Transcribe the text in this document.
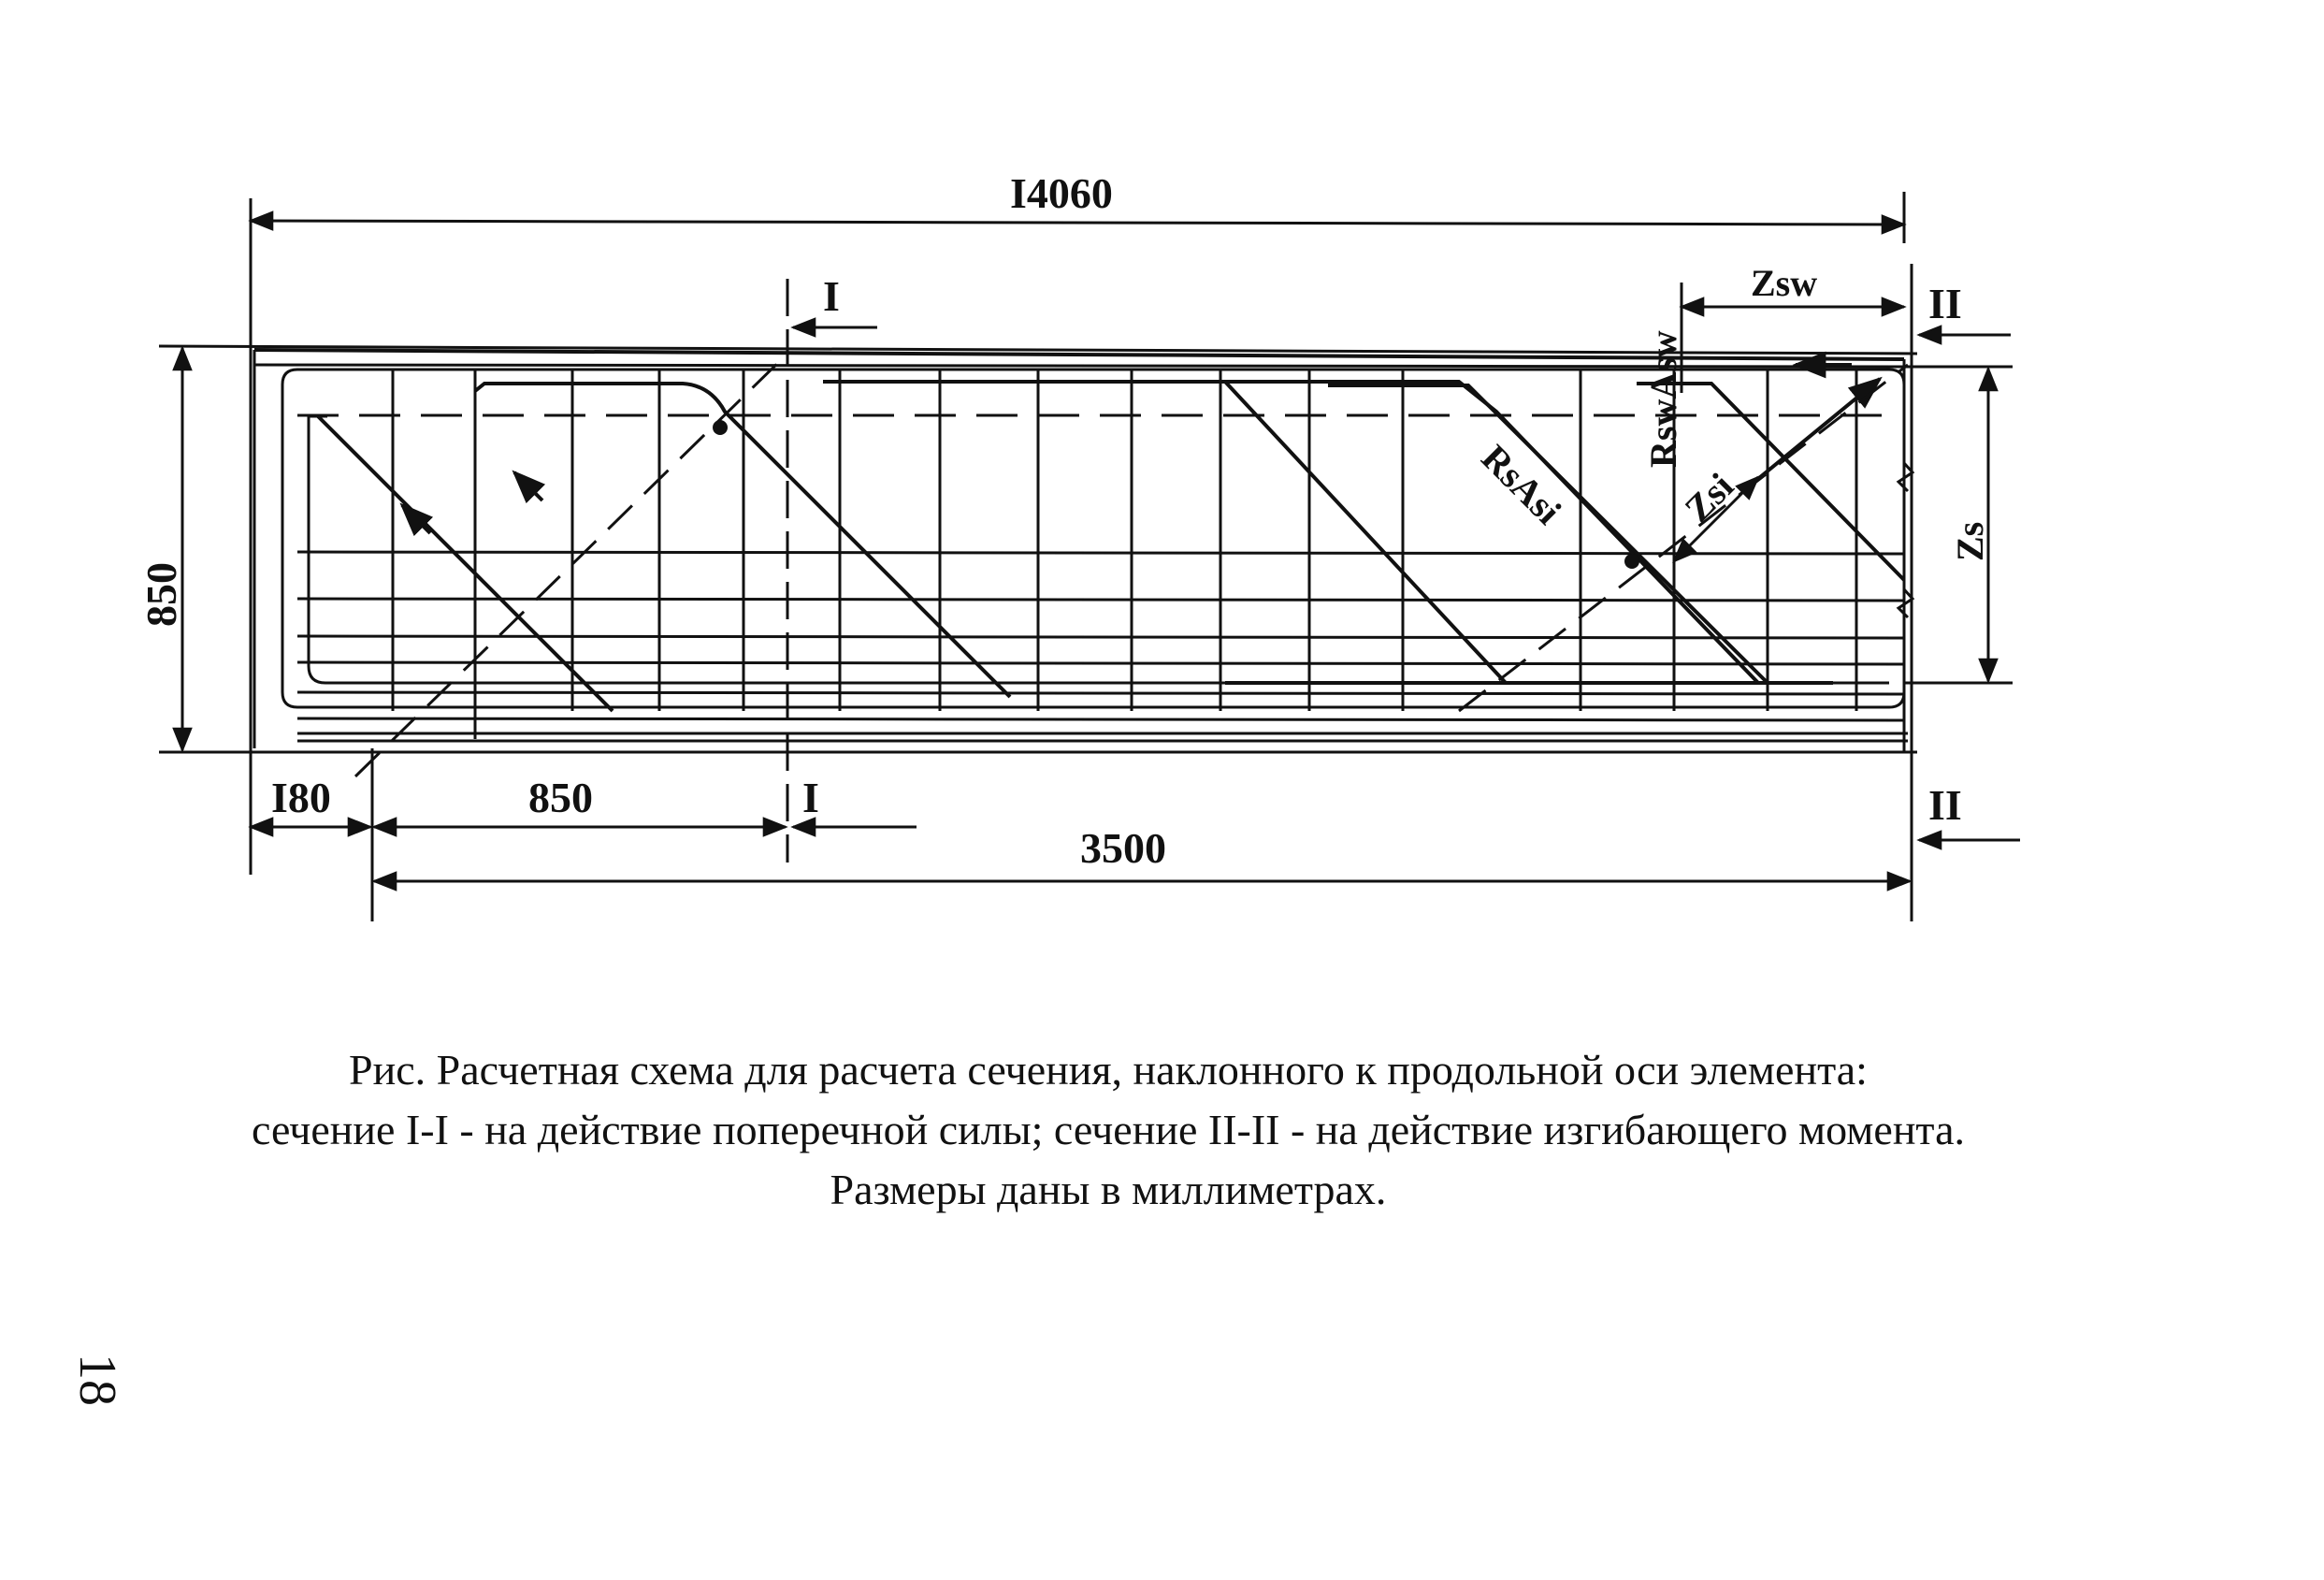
I4060
850
I
I
II
II
Zsw
Zs
Zsi
RsAsi
RswAsw
I80	850
3500
Рис. Расчетная схема для расчета сечения, наклонного к продольной оси элемента:
сечение I-I - на действие поперечной силы; сечение II-II - на действие изгибающего момента.
Размеры даны в миллиметрах.
18
